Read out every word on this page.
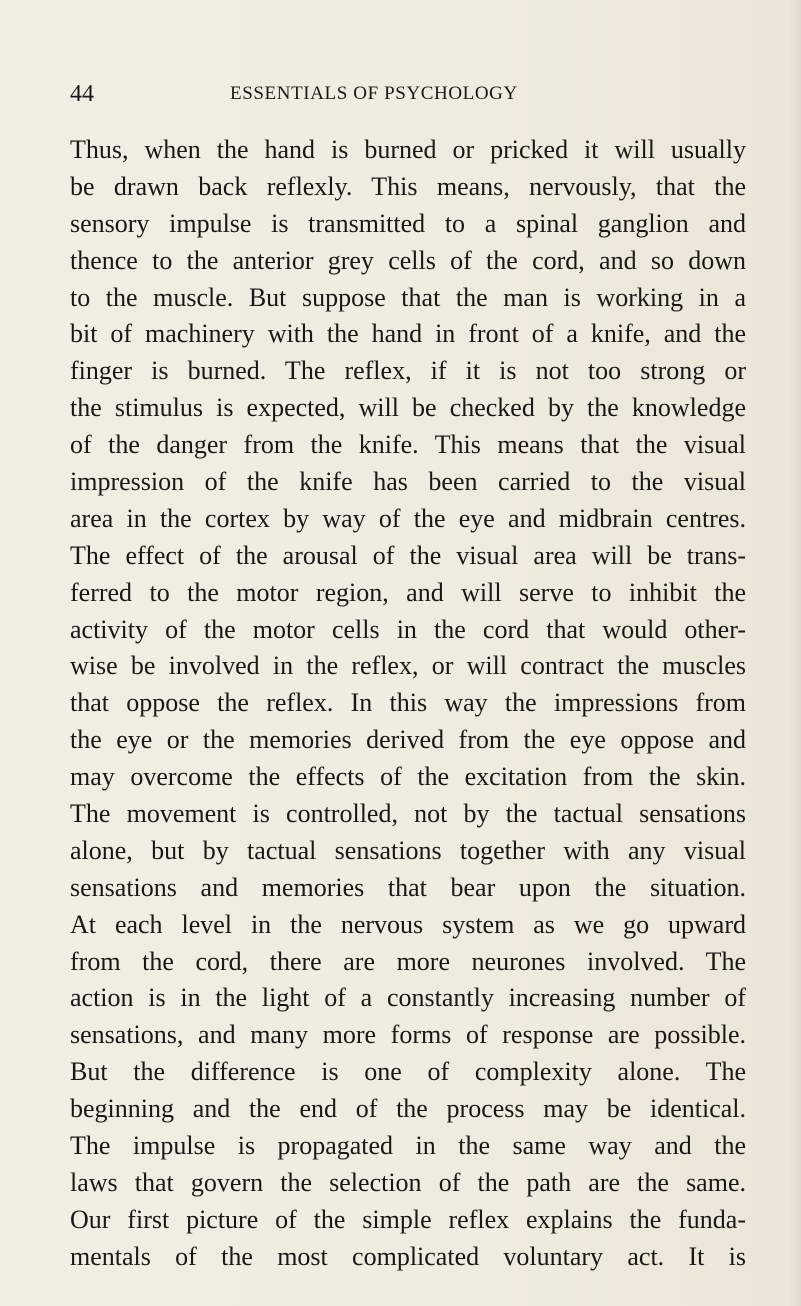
44	ESSENTIALS OF PSYCHOLOGY
Thus, when the hand is burned or pricked it will usually
be drawn back reflexly. This means, nervously, that the
sensory impulse is transmitted to a spinal ganglion and
thence to the anterior grey cells of the cord, and so down
to the muscle. But suppose that the man is working in a
bit of machinery with the hand in front of a knife, and the
finger is burned. The reflex, if it is not too strong or
the stimulus is expected, will be checked by the knowledge
of the danger from the knife. This means that the visual
impression of the knife has been carried to the visual
area in the cortex by way of the eye and midbrain centres.
The effect of the arousal of the visual area will be trans-
ferred to the motor region, and will serve to inhibit the
activity of the motor cells in the cord that would other-
wise be involved in the reflex, or will contract the muscles
that oppose the reflex. In this way the impressions from
the eye or the memories derived from the eye oppose and
may overcome the effects of the excitation from the skin.
The movement is controlled, not by the tactual sensations
alone, but by tactual sensations together with any visual
sensations and memories that bear upon the situation.
At each level in the nervous system as we go upward
from the cord, there are more neurones involved. The
action is in the light of a constantly increasing number of
sensations, and many more forms of response are possible.
But the difference is one of complexity alone. The
beginning and the end of the process may be identical.
The impulse is propagated in the same way and the
laws that govern the selection of the path are the same.
Our first picture of the simple reflex explains the funda-
mentals of the most complicated voluntary act. It is
